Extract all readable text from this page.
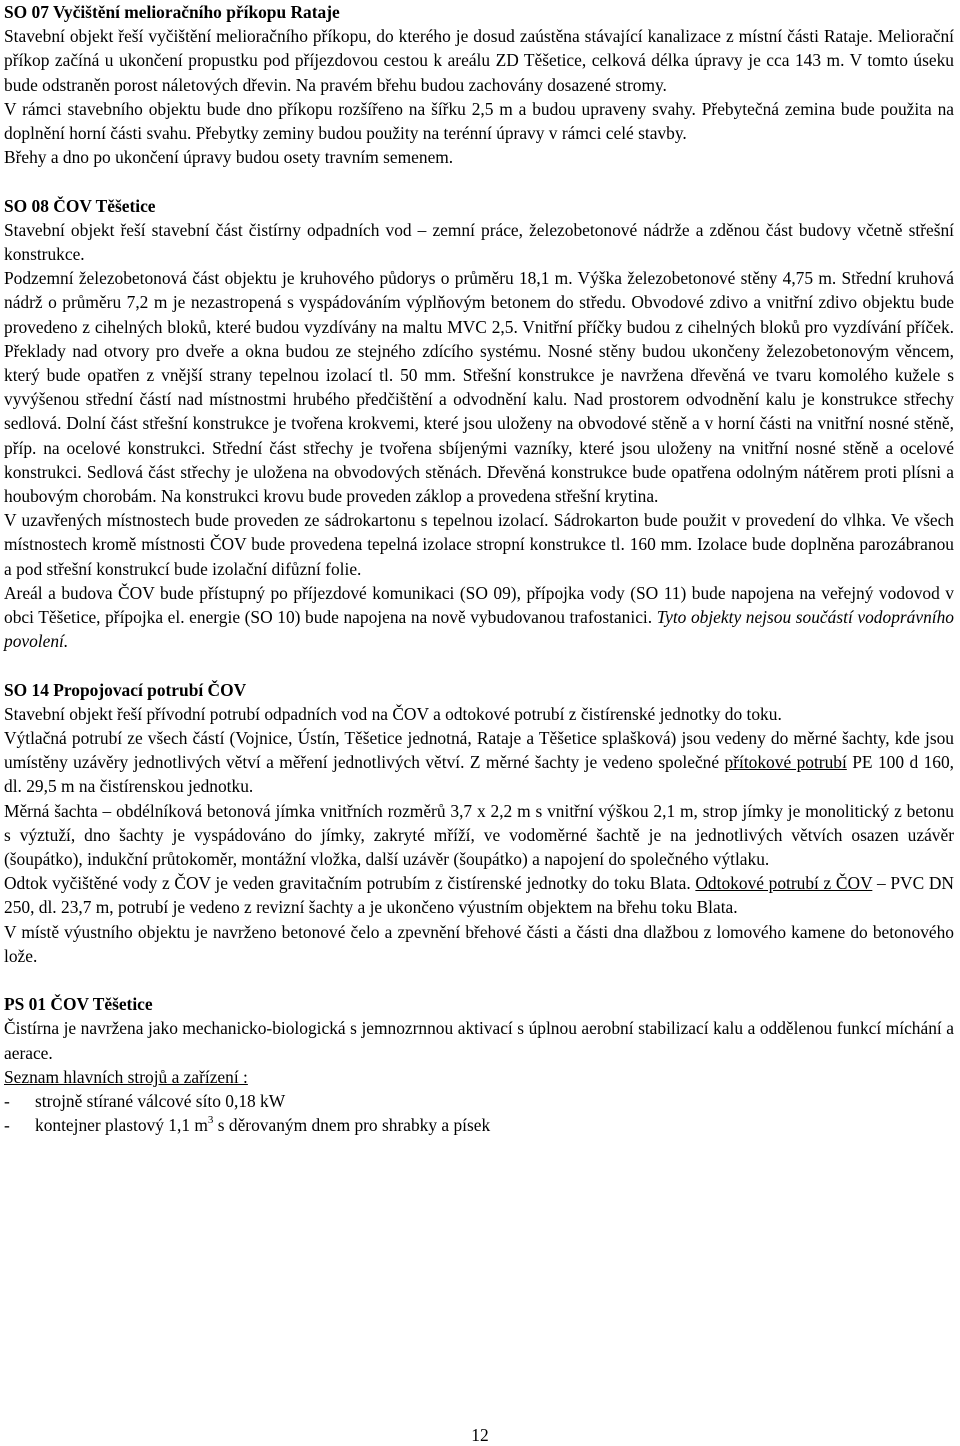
SO 07 Vyčištění melioračního příkopu Rataje

Stavební objekt řeší vyčištění melioračního příkopu, do kterého je dosud zaústěna stávající kanalizace z místní části Rataje. Meliorační příkop začíná u ukončení propustku pod příjezdovou cestou k areálu ZD Těšetice, celková délka úpravy je cca 143 m. V tomto úseku bude odstraněn porost náletových dřevin. Na pravém břehu budou zachovány dosazené stromy.

V rámci stavebního objektu bude dno příkopu rozšířeno na šířku 2,5 m a budou upraveny svahy. Přebytečná zemina bude použita na doplnění horní části svahu. Přebytky zeminy budou použity na terénní úpravy v rámci celé stavby.

Břehy a dno po ukončení úpravy budou osety travním semenem.

SO 08 ČOV Těšetice

Stavební objekt řeší stavební část čistírny odpadních vod – zemní práce, železobetonové nádrže a zděnou část budovy včetně střešní konstrukce.

Podzemní železobetonová část objektu je kruhového půdorys o průměru 18,1 m. Výška železobetonové stěny 4,75 m. Střední kruhová nádrž o průměru 7,2 m je nezastropená s vyspádováním výplňovým betonem do středu. Obvodové zdivo a vnitřní zdivo objektu bude provedeno z cihelných bloků, které budou vyzdívány na maltu MVC 2,5. Vnitřní příčky budou z cihelných bloků pro vyzdívání příček. Překlady nad otvory pro dveře a okna budou ze stejného zdícího systému. Nosné stěny budou ukončeny železobetonovým věncem, který bude opatřen z vnější strany tepelnou izolací tl. 50 mm. Střešní konstrukce je navržena dřevěná ve tvaru komolého kužele s vyvýšenou střední částí nad místnostmi hrubého předčištění a odvodnění kalu. Nad prostorem odvodnění kalu je konstrukce střechy sedlová. Dolní část střešní konstrukce je tvořena krokvemi, které jsou uloženy na obvodové stěně a v horní části na vnitřní nosné stěně, příp. na ocelové konstrukci. Střední část střechy je tvořena sbíjenými vazníky, které jsou uloženy na vnitřní nosné stěně a ocelové konstrukci. Sedlová část střechy je uložena na obvodových stěnách. Dřevěná konstrukce bude opatřena odolným nátěrem proti plísni a houbovým chorobám. Na konstrukci krovu bude proveden záklop a provedena střešní krytina.

V uzavřených místnostech bude proveden ze sádrokartonu s tepelnou izolací. Sádrokarton bude použit v provedení do vlhka. Ve všech místnostech kromě místnosti ČOV bude provedena tepelná izolace stropní konstrukce tl. 160 mm. Izolace bude doplněna parozábranou a pod střešní konstrukcí bude izolační difůzní folie.

Areál a budova ČOV bude přístupný po příjezdové komunikaci (SO 09), přípojka vody (SO 11) bude napojena na veřejný vodovod v obci Těšetice, přípojka el. energie (SO 10) bude napojena na nově vybudovanou trafostanici. Tyto objekty nejsou součástí vodoprávního povolení.

SO 14 Propojovací potrubí ČOV

Stavební objekt řeší přívodní potrubí odpadních vod na ČOV a odtokové potrubí z čistírenské jednotky do toku.

Výtlačná potrubí ze všech částí (Vojnice, Ústín, Těšetice jednotná, Rataje a Těšetice splašková) jsou vedeny do měrné šachty, kde jsou umístěny uzávěry jednotlivých větví a měření jednotlivých větví. Z měrné šachty je vedeno společné přítokové potrubí PE 100 d 160, dl. 29,5 m na čistírenskou jednotku.

Měrná šachta – obdélníková betonová jímka vnitřních rozměrů 3,7 x 2,2 m s vnitřní výškou 2,1 m, strop jímky je monolitický z betonu s výztuží, dno šachty je vyspádováno do jímky, zakryté mříží, ve vodoměrné šachtě je na jednotlivých větvích osazen uzávěr (šoupátko), indukční průtokoměr, montážní vložka, další uzávěr (šoupátko) a napojení do společného výtlaku.

Odtok vyčištěné vody z ČOV je veden gravitačním potrubím z čistírenské jednotky do toku Blata. Odtokové potrubí z ČOV – PVC DN 250, dl. 23,7 m, potrubí je vedeno z revizní šachty a je ukončeno výustním objektem na břehu toku Blata.

V místě výustního objektu je navrženo betonové čelo a zpevnění břehové části a části dna dlažbou z lomového kamene do betonového lože.

PS 01 ČOV Těšetice

Čistírna je navržena jako mechanicko-biologická s jemnozrnnou aktivací s úplnou aerobní stabilizací kalu a oddělenou funkcí míchání a aerace.

Seznam hlavních strojů a zařízení :
-	strojně stírané válcové síto 0,18 kW
-	kontejner plastový 1,1 $m^3$ s děrovaným dnem pro shrabky a písek
12
